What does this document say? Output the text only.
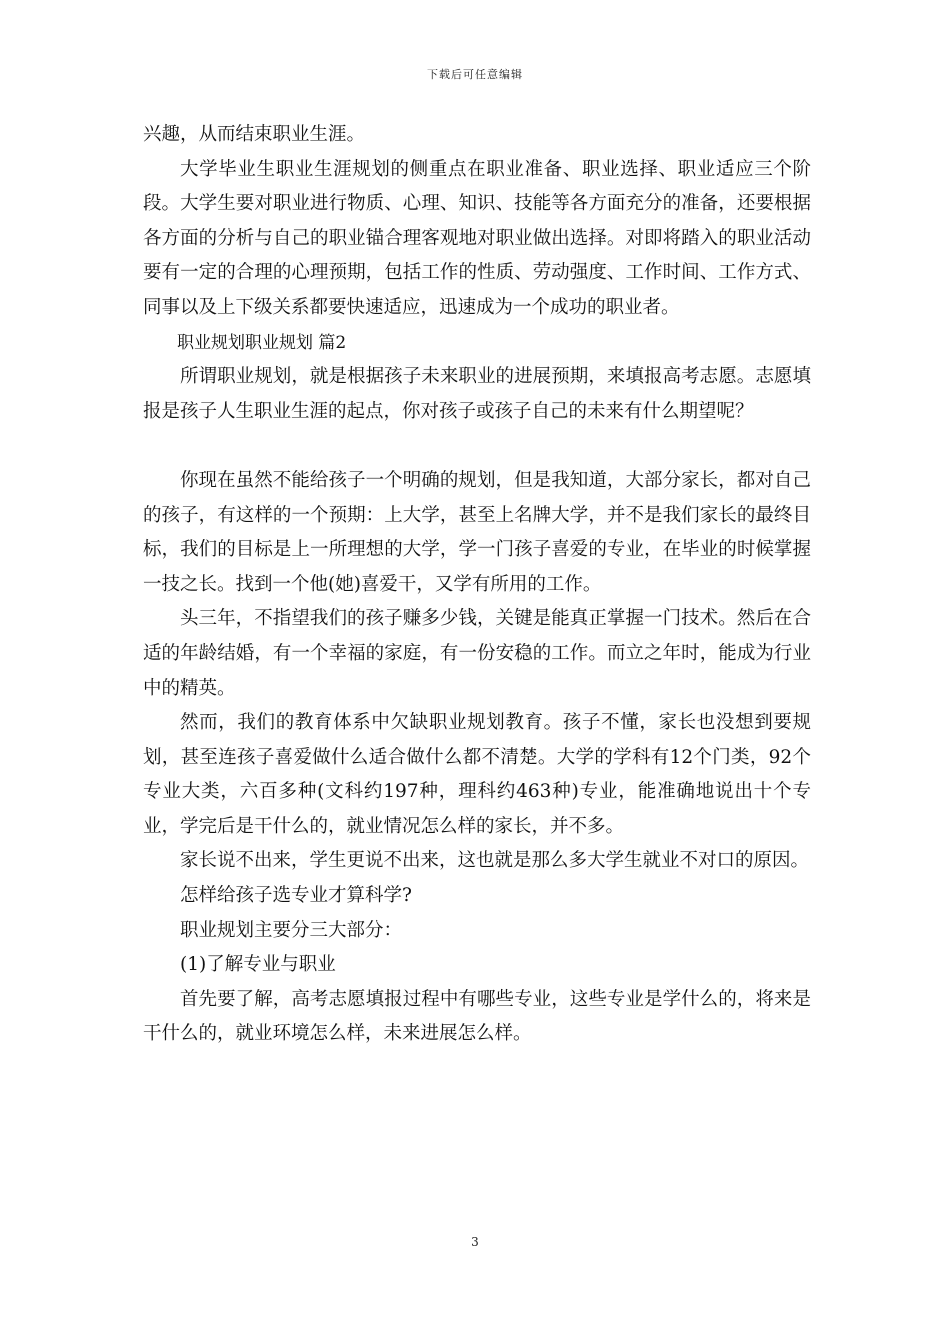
下载后可任意编辑

兴趣，从而结束职业生涯。

大学毕业生职业生涯规划的侧重点在职业准备、职业选择、职业适应三个阶段。大学生要对职业进行物质、心理、知识、技能等各方面充分的准备，还要根据各方面的分析与自己的职业锚合理客观地对职业做出选择。对即将踏入的职业活动要有一定的合理的心理预期，包括工作的性质、劳动强度、工作时间、工作方式、同事以及上下级关系都要快速适应，迅速成为一个成功的职业者。

职业规划职业规划 篇2

所谓职业规划，就是根据孩子未来职业的进展预期，来填报高考志愿。志愿填报是孩子人生职业生涯的起点，你对孩子或孩子自己的未来有什么期望呢？

你现在虽然不能给孩子一个明确的规划，但是我知道，大部分家长，都对自己的孩子，有这样的一个预期：上大学，甚至上名牌大学，并不是我们家长的最终目标，我们的目标是上一所理想的大学，学一门孩子喜爱的专业，在毕业的时候掌握一技之长。找到一个他(她)喜爱干，又学有所用的工作。

头三年，不指望我们的孩子赚多少钱，关键是能真正掌握一门技术。然后在合适的年龄结婚，有一个幸福的家庭，有一份安稳的工作。而立之年时，能成为行业中的精英。

然而，我们的教育体系中欠缺职业规划教育。孩子不懂，家长也没想到要规划，甚至连孩子喜爱做什么适合做什么都不清楚。大学的学科有12个门类，92个专业大类，六百多种(文科约197种，理科约463种)专业，能准确地说出十个专业，学完后是干什么的，就业情况怎么样的家长，并不多。

家长说不出来，学生更说不出来，这也就是那么多大学生就业不对口的原因。

怎样给孩子选专业才算科学?

职业规划主要分三大部分：

(1)了解专业与职业

首先要了解，高考志愿填报过程中有哪些专业，这些专业是学什么的，将来是干什么的，就业环境怎么样，未来进展怎么样。

3
